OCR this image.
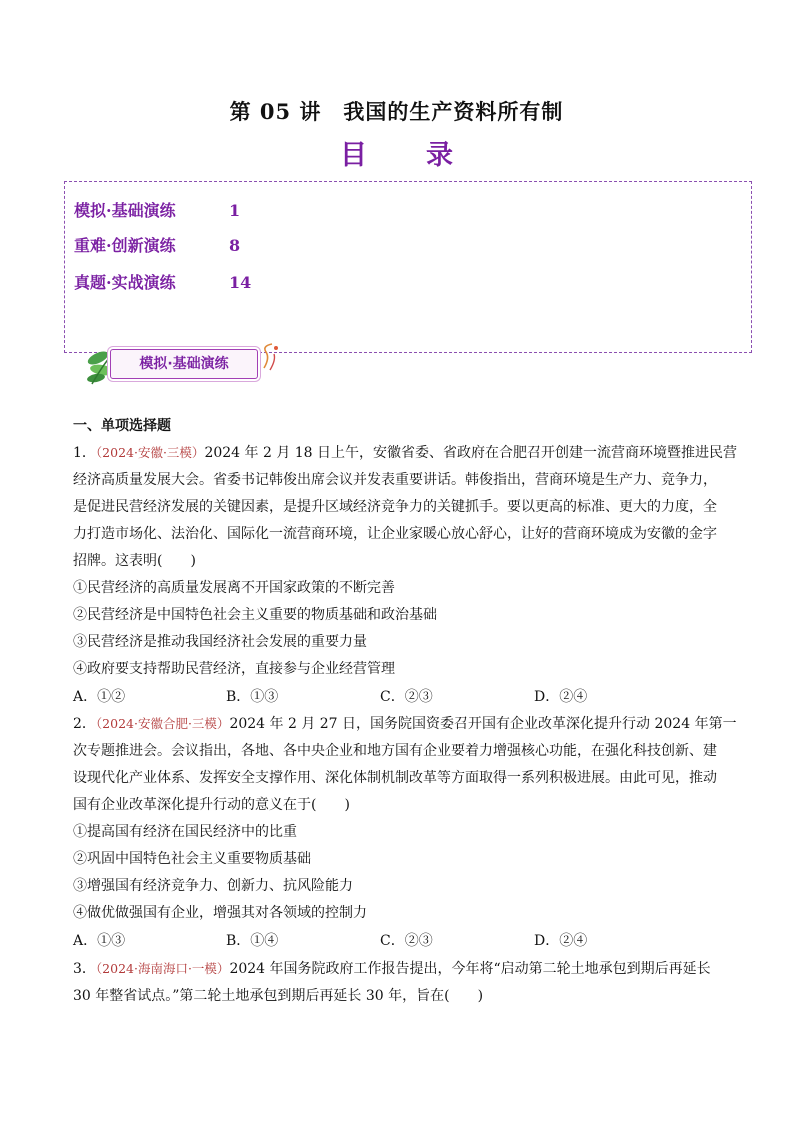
第 05 讲　我国的生产资料所有制
目　录
模拟·基础演练	1
重难·创新演练	8
真题·实战演练	14
模拟·基础演练
一、单项选择题
1．（2024·安徽·三模）2024 年 2 月 18 日上午，安徽省委、省政府在合肥召开创建一流营商环境暨推进民营
经济高质量发展大会。省委书记韩俊出席会议并发表重要讲话。韩俊指出，营商环境是生产力、竞争力，
是促进民营经济发展的关键因素，是提升区域经济竞争力的关键抓手。要以更高的标准、更大的力度，全
力打造市场化、法治化、国际化一流营商环境，让企业家暖心放心舒心，让好的营商环境成为安徽的金字
招牌。这表明(　　)
①民营经济的高质量发展离不开国家政策的不断完善
②民营经济是中国特色社会主义重要的物质基础和政治基础
③民营经济是推动我国经济社会发展的重要力量
④政府要支持帮助民营经济，直接参与企业经营管理
A．①②	B．①③	C．②③	D．②④
2．（2024·安徽合肥·三模）2024 年 2 月 27 日，国务院国资委召开国有企业改革深化提升行动 2024 年第一
次专题推进会。会议指出，各地、各中央企业和地方国有企业要着力增强核心功能，在强化科技创新、建
设现代化产业体系、发挥安全支撑作用、深化体制机制改革等方面取得一系列积极进展。由此可见，推动
国有企业改革深化提升行动的意义在于(　　)
①提高国有经济在国民经济中的比重
②巩固中国特色社会主义重要物质基础
③增强国有经济竞争力、创新力、抗风险能力
④做优做强国有企业，增强其对各领域的控制力
A．①③	B．①④	C．②③	D．②④
3．（2024·海南海口·一模）2024 年国务院政府工作报告提出，今年将“启动第二轮土地承包到期后再延长
30 年整省试点。”第二轮土地承包到期后再延长 30 年，旨在(　　)
